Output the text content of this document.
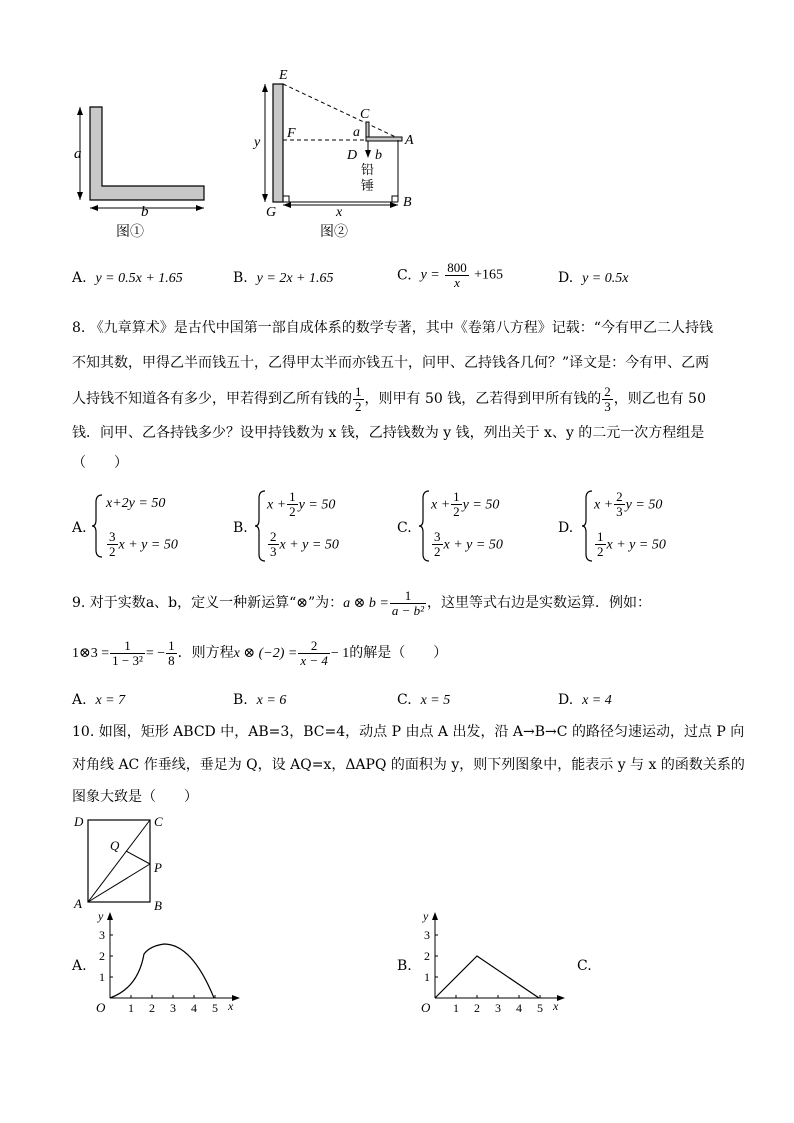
a
b
图①
E
C
F	a
A
y
D b
铅
锤
G	x
B
图②
A. y = 0.5x + 1.65	B. y = 2x + 1.65	C. $y = \frac{800}{x} +165$	D. y = 0.5x
8. 《九章算术》是古代中国第一部自成体系的数学专著，其中《卷第八方程》记载：“今有甲乙二人持钱
不知其数，甲得乙半而钱五十，乙得甲太半而亦钱五十，问甲、乙持钱各几何？”译文是：今有甲、乙两
人持钱不知道各有多少，甲若得到乙所有钱的 $\frac{1}{2}$ ，则甲有 50 钱，乙若得到甲所有钱的 $\frac{2}{3}$ ，则乙也有 50
钱．问甲、乙各持钱多少？设甲持钱数为 x 钱，乙持钱数为 y 钱，列出关于 x、y 的二元一次方程组是
（　　）
A.
x+2y = 50
$\frac{3}{2}$ x + y = 50
B.
$x + \frac{1}{2}$ y = 50
$\frac{2}{3}$ x + y = 50
C.
$x + \frac{1}{2}$ y = 50
$\frac{3}{2}$ x + y = 50
D.
$x + \frac{2}{3}$ y = 50
$\frac{1}{2}$ x + y = 50
9. 对于实数a、b，定义一种新运算“⊗”为：a ⊗ $b = \frac{1}{\text{a − b²}}$ ，这里等式右边是实数运算．例如：
1⊗3 = $\frac{1}{\text{1 − 3²}}$ = − $\frac{1}{8}$ ．则方程x ⊗ $(-2) = \frac{2}{x - 4} - 1$的解是（　　）
A. x = 7	B. x = 6	C. x = 5	D. x = 4
10. 如图，矩形 ABCD 中，AB=3，BC=4，动点 P 由点 A 出发，沿 A→B→C 的路径匀速运动，过点 P 向
对角线 AC 作垂线，垂足为 Q，设 AQ=x，ΔAPQ 的面积为 y，则下列图象中，能表示 y 与 x 的函数关系的
图象大致是（　　）
D	C
Q
P
A	B
A.
1 2 3 4 5
1
2
3
y
x
O
B.
1 2 3 4 5
1
2
3
y
x
O
C.
